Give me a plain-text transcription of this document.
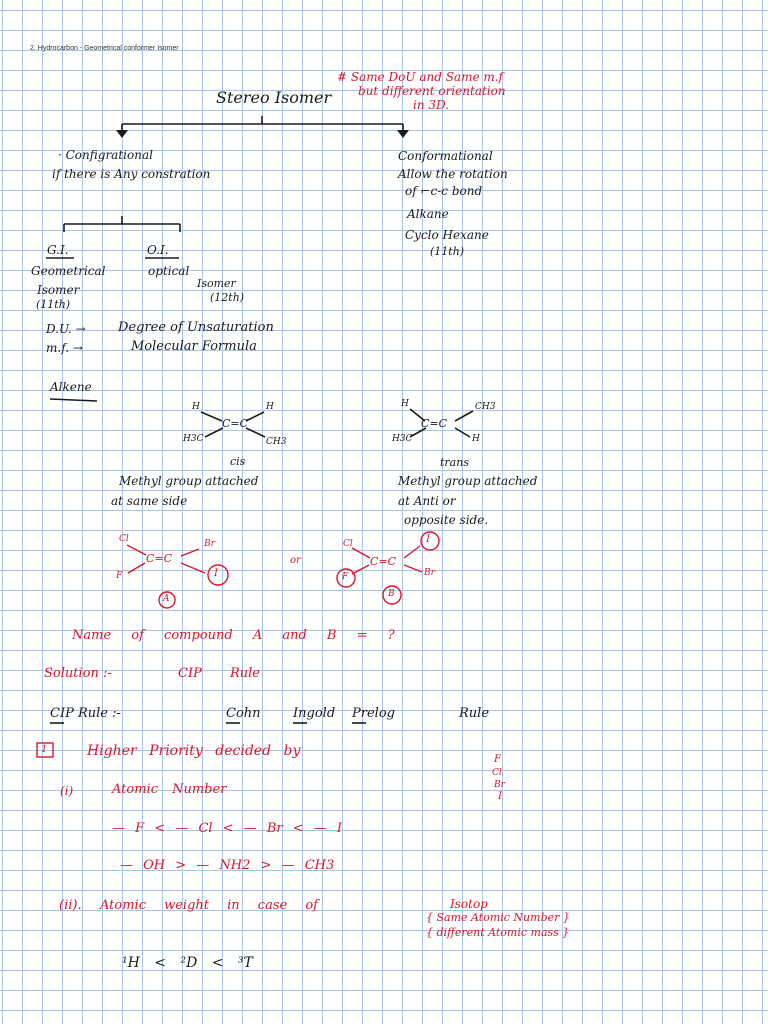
2. Hydrocarbon - Geometrical conformer Isomer
Stereo Isomer
# Same DoU and Same m.f
but different orientation
in 3D.
· Configrational
if there is Any constration
Conformational
Allow the rotation
of ⌐c-c bond
Alkane
Cyclo Hexane
(11th)
G.I.
Geometrical
Isomer
(11th)
O.I.
optical
Isomer
(12th)
D.U. → Degree of Unsaturation
m.f. →	Molecular Formula
Alkene
H	H
C=C
H3C	CH3
cis
Methyl group attached
at same side
H	CH3
C=C
H3C	H
trans
Methyl group attached
at Anti or
opposite side.
Cl	Br
C=C
F	I
A
or
Cl	I
C=C
F	Br
B
Name of compound A and B = ?
Solution :-	CIP Rule
CIP Rule :-	Cohn Ingold Prelog	Rule
1	Higher Priority decided by
(i)	Atomic Number
F
Cl
Br
I
— F < — Cl < — Br < — I
— OH > — NH2 > — CH3
(ii). Atomic weight in case of	Isotop
{ Same Atomic Number }
{ different Atomic mass }
¹H < ²D < ³T
